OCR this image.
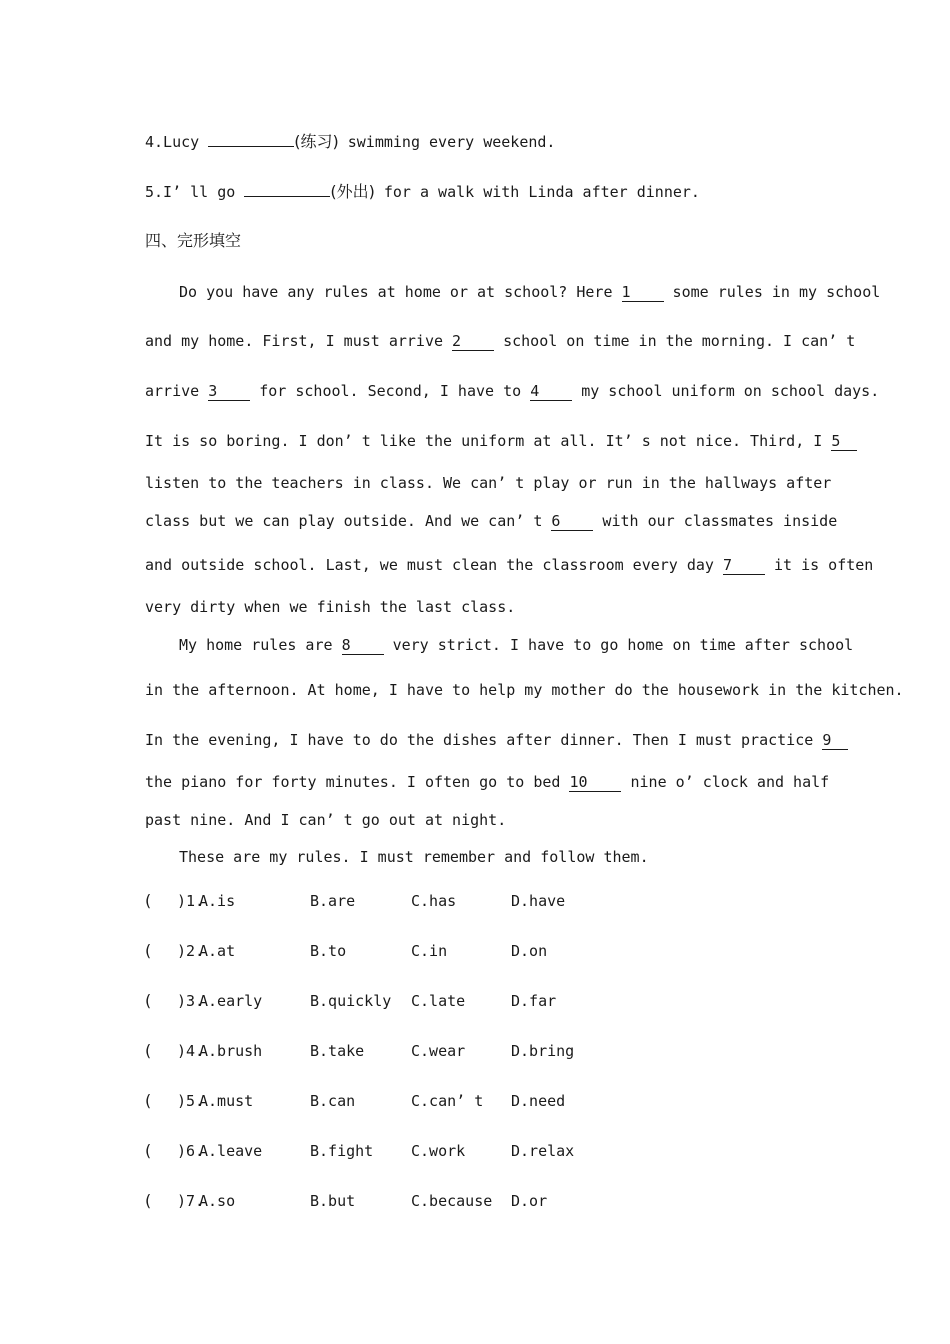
4.Lucy	(练习) swimming every weekend.
5.I’ ll go	(外出) for a walk with Linda after dinner.
四、完形填空
Do you have any rules at home or at school? Here 1 some rules in my school
and my home. First, I must arrive 2 school on time in the morning. I can’ t
arrive 3 for school. Second, I have to 4 my school uniform on school days.
It is so boring. I don’ t like the uniform at all. It’ s not nice. Third, I 5
listen to the teachers in class. We can’ t play or run in the hallways after
class but we can play outside. And we can’ t 6 with our classmates inside
and outside school. Last, we must clean the classroom every day 7 it is often
very dirty when we finish the last class.
My home rules are 8 very strict. I have to go home on time after school
in the afternoon. At home, I have to help my mother do the housework in the kitchen.
In the evening, I have to do the dishes after dinner. Then I must practice 9
the piano for forty minutes. I often go to bed 10 nine o’ clock and half
past nine. And I can’ t go out at night.
These are my rules. I must remember and follow them.
( )1.
A.is	B.are	C.has	D.have
( )2.
A.at	B.to	C.in	D.on
( )3.
A.early	B.quickly C.late	D.far
( )4.
A.brush	B.take	C.wear	D.bring
( )5.
A.must	B.can	C.can’ t D.need
( )6.
A.leave	B.fight	C.work	D.relax
( )7.
A.so	B.but	C.because D.or
